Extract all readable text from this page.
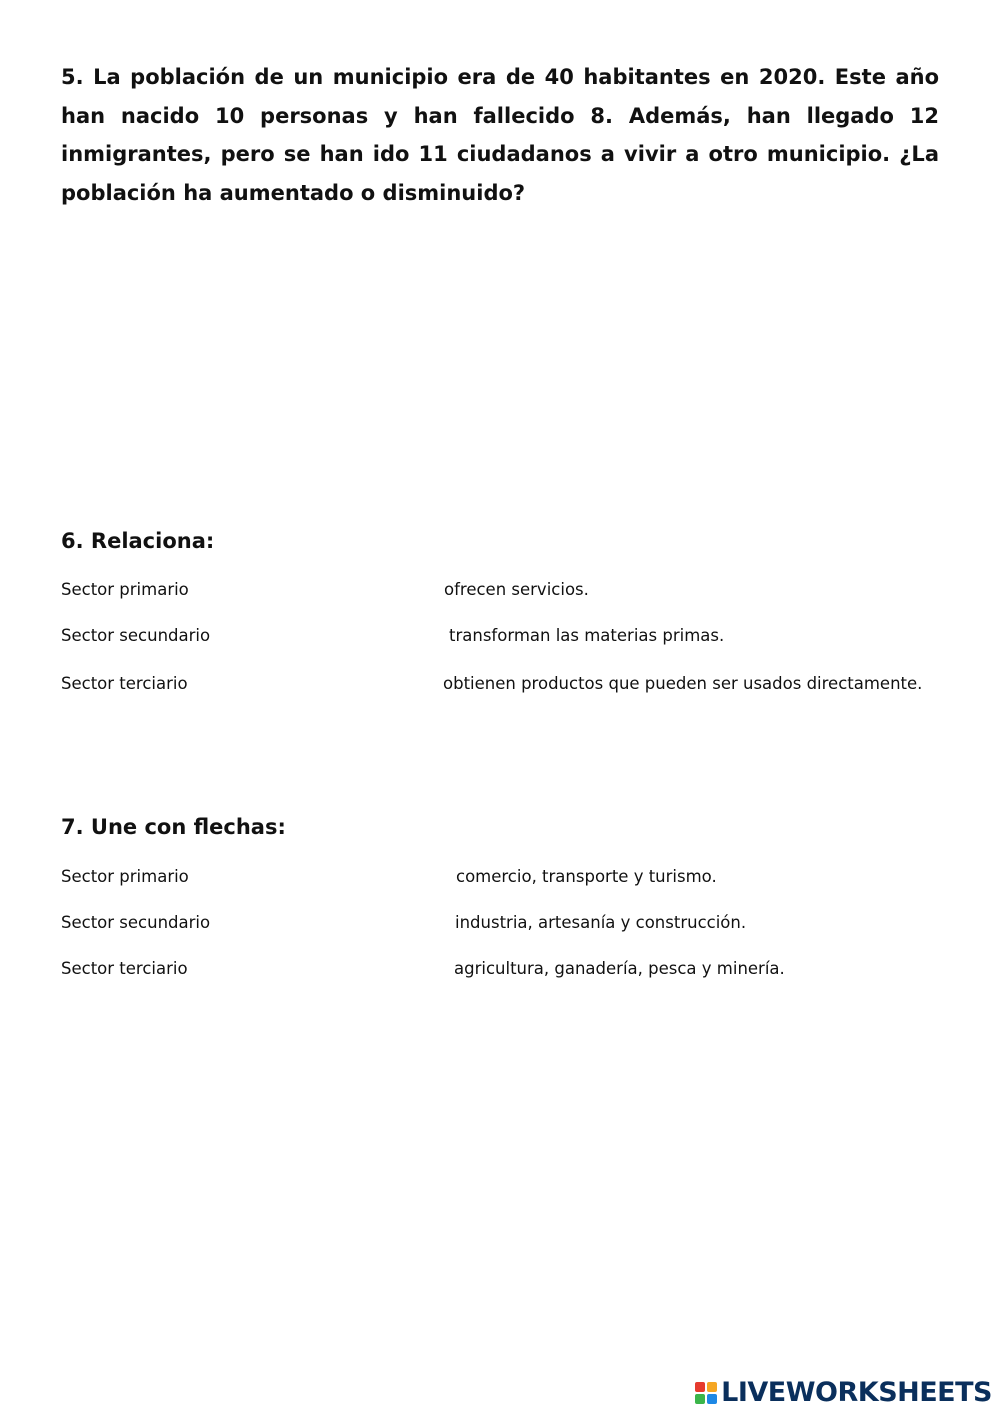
5. La población de un municipio era de 40 habitantes en 2020. Este año han nacido 10 personas y han fallecido 8. Además, han llegado 12 inmigrantes, pero se han ido 11 ciudadanos a vivir a otro municipio. ¿La población ha aumentado o disminuido?

6. Relaciona:
Sector primario	ofrecen servicios.
Sector secundario	transforman las materias primas.
Sector terciario	obtienen productos que pueden ser usados directamente.
7. Une con flechas:
Sector primario	comercio, transporte y turismo.
Sector secundario	industria, artesanía y construcción.
Sector terciario	agricultura, ganadería, pesca y minería.
LIVEWORKSHEETS
